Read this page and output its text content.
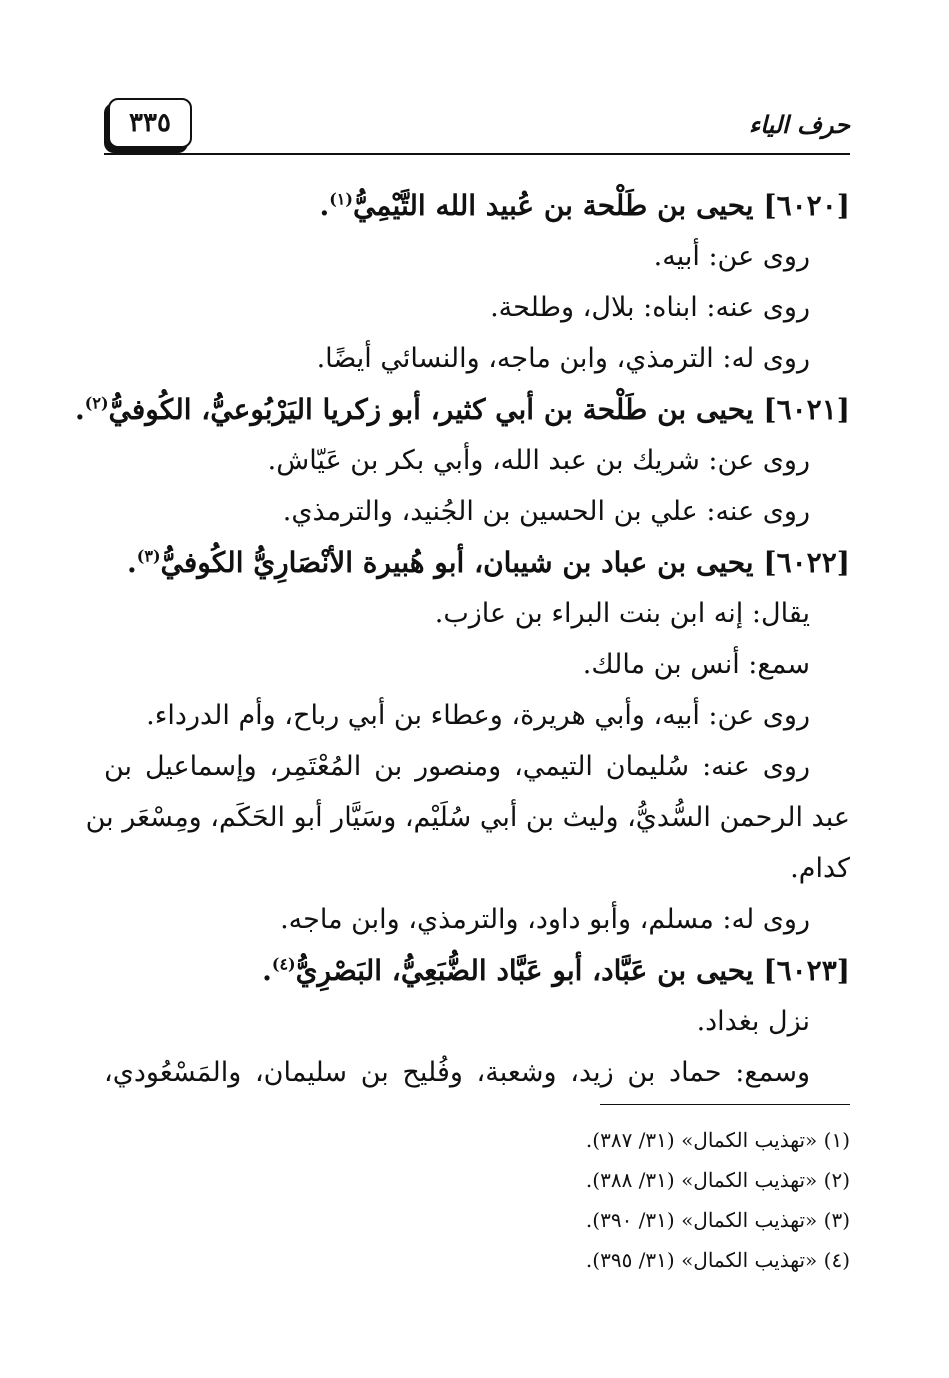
٣٣٥	حرف الياء
[٦٠٢٠] يحيى بن طَلْحة بن عُبيد الله التَّيْمِيُّ$^{(١)}$.
روى عن: أبيه.
روى عنه: ابناه: بلال، وطلحة.
روى له: الترمذي، وابن ماجه، والنسائي أيضًا.
[٦٠٢١] يحيى بن طَلْحة بن أبي كثير، أبو زكريا اليَرْبُوعيُّ، الكُوفيُّ$^{(٢)}$.
روى عن: شريك بن عبد الله، وأبي بكر بن عَيّاش.
روى عنه: علي بن الحسين بن الجُنيد، والترمذي.
[٦٠٢٢] يحيى بن عباد بن شيبان، أبو هُبيرة الأنْصَارِيُّ الكُوفيُّ$^{(٣)}$.
يقال: إنه ابن بنت البراء بن عازب.
سمع: أنس بن مالك.
روى عن: أبيه، وأبي هريرة، وعطاء بن أبي رباح، وأم الدرداء.
روى عنه: سُليمان التيمي، ومنصور بن المُعْتَمِر، وإسماعيل بن
عبد الرحمن السُّديُّ، وليث بن أبي سُلَيْم، وسَيَّار أبو الحَكَم، ومِسْعَر بن
كدام.
روى له: مسلم، وأبو داود، والترمذي، وابن ماجه.
[٦٠٢٣] يحيى بن عَبَّاد، أبو عَبَّاد الضُّبَعِيُّ، البَصْرِيُّ$^{(٤)}$.
نزل بغداد.
وسمع: حماد بن زيد، وشعبة، وفُليح بن سليمان، والمَسْعُودي،
(١) «تهذيب الكمال» (٣١/ ٣٨٧).
(٢) «تهذيب الكمال» (٣١/ ٣٨٨).
(٣) «تهذيب الكمال» (٣١/ ٣٩٠).
(٤) «تهذيب الكمال» (٣١/ ٣٩٥).
